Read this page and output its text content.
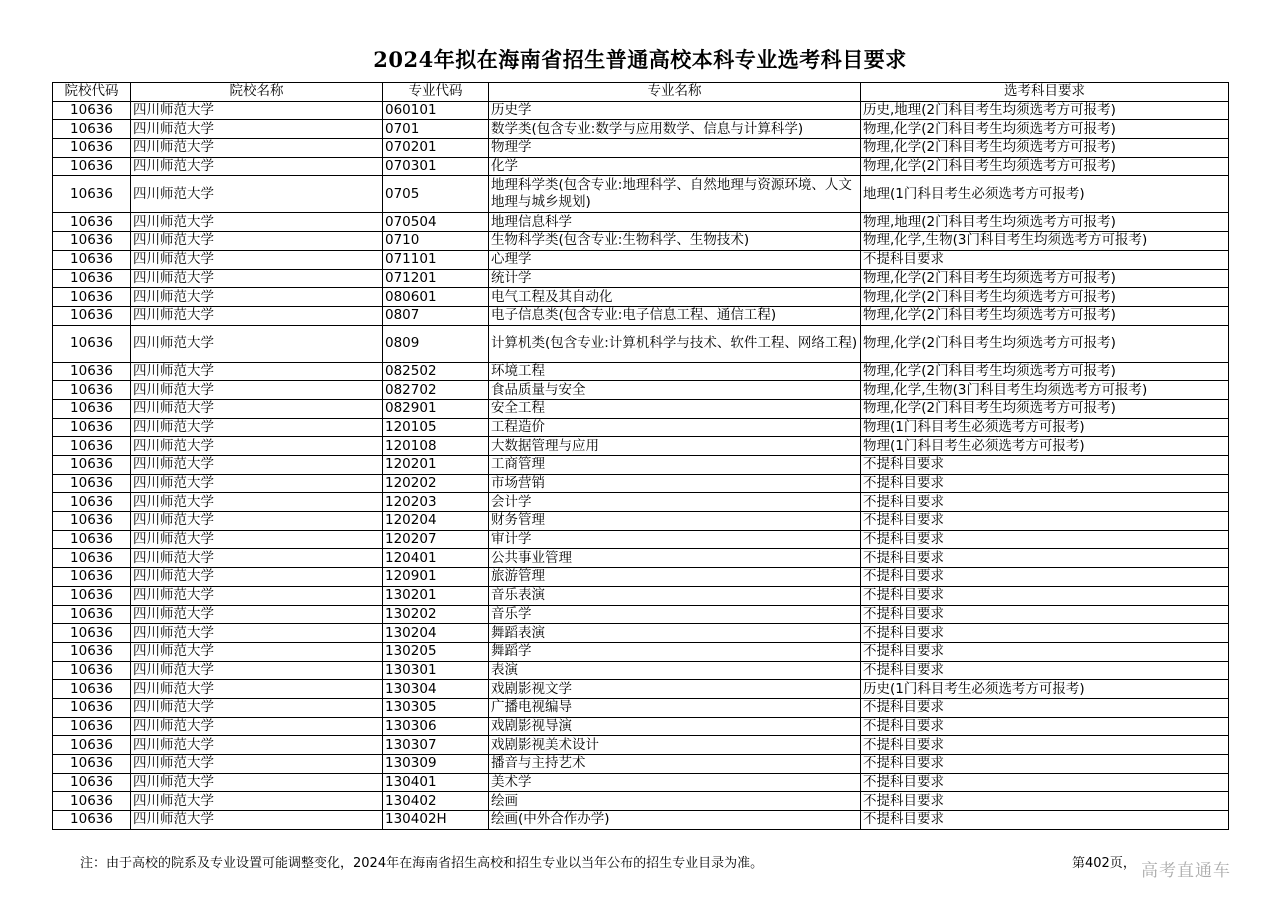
2024年拟在海南省招生普通高校本科专业选考科目要求
院校代码	院校名称	专业代码	专业名称	选考科目要求
10636	四川师范大学	060101	历史学	历史,地理(2门科目考生均须选考方可报考)
10636	四川师范大学	0701	数学类(包含专业:数学与应用数学、信息与计算科学)	物理,化学(2门科目考生均须选考方可报考)
10636	四川师范大学	070201	物理学	物理,化学(2门科目考生均须选考方可报考)
10636	四川师范大学	070301	化学	物理,化学(2门科目考生均须选考方可报考)
10636	四川师范大学	0705	地理科学类(包含专业:地理科学、自然地理与资源环境、人文地理与城乡规划)	地理(1门科目考生必须选考方可报考)
10636	四川师范大学	070504	地理信息科学	物理,地理(2门科目考生均须选考方可报考)
10636	四川师范大学	0710	生物科学类(包含专业:生物科学、生物技术)	物理,化学,生物(3门科目考生均须选考方可报考)
10636	四川师范大学	071101	心理学	不提科目要求
10636	四川师范大学	071201	统计学	物理,化学(2门科目考生均须选考方可报考)
10636	四川师范大学	080601	电气工程及其自动化	物理,化学(2门科目考生均须选考方可报考)
10636	四川师范大学	0807	电子信息类(包含专业:电子信息工程、通信工程)	物理,化学(2门科目考生均须选考方可报考)
10636	四川师范大学	0809	计算机类(包含专业:计算机科学与技术、软件工程、网络工程)	物理,化学(2门科目考生均须选考方可报考)
10636	四川师范大学	082502	环境工程	物理,化学(2门科目考生均须选考方可报考)
10636	四川师范大学	082702	食品质量与安全	物理,化学,生物(3门科目考生均须选考方可报考)
10636	四川师范大学	082901	安全工程	物理,化学(2门科目考生均须选考方可报考)
10636	四川师范大学	120105	工程造价	物理(1门科目考生必须选考方可报考)
10636	四川师范大学	120108	大数据管理与应用	物理(1门科目考生必须选考方可报考)
10636	四川师范大学	120201	工商管理	不提科目要求
10636	四川师范大学	120202	市场营销	不提科目要求
10636	四川师范大学	120203	会计学	不提科目要求
10636	四川师范大学	120204	财务管理	不提科目要求
10636	四川师范大学	120207	审计学	不提科目要求
10636	四川师范大学	120401	公共事业管理	不提科目要求
10636	四川师范大学	120901	旅游管理	不提科目要求
10636	四川师范大学	130201	音乐表演	不提科目要求
10636	四川师范大学	130202	音乐学	不提科目要求
10636	四川师范大学	130204	舞蹈表演	不提科目要求
10636	四川师范大学	130205	舞蹈学	不提科目要求
10636	四川师范大学	130301	表演	不提科目要求
10636	四川师范大学	130304	戏剧影视文学	历史(1门科目考生必须选考方可报考)
10636	四川师范大学	130305	广播电视编导	不提科目要求
10636	四川师范大学	130306	戏剧影视导演	不提科目要求
10636	四川师范大学	130307	戏剧影视美术设计	不提科目要求
10636	四川师范大学	130309	播音与主持艺术	不提科目要求
10636	四川师范大学	130401	美术学	不提科目要求
10636	四川师范大学	130402	绘画	不提科目要求
10636	四川师范大学	130402H	绘画(中外合作办学)	不提科目要求
注：由于高校的院系及专业设置可能调整变化，2024年在海南省招生高校和招生专业以当年公布的招生专业目录为准。	第402页， 高考直通车
